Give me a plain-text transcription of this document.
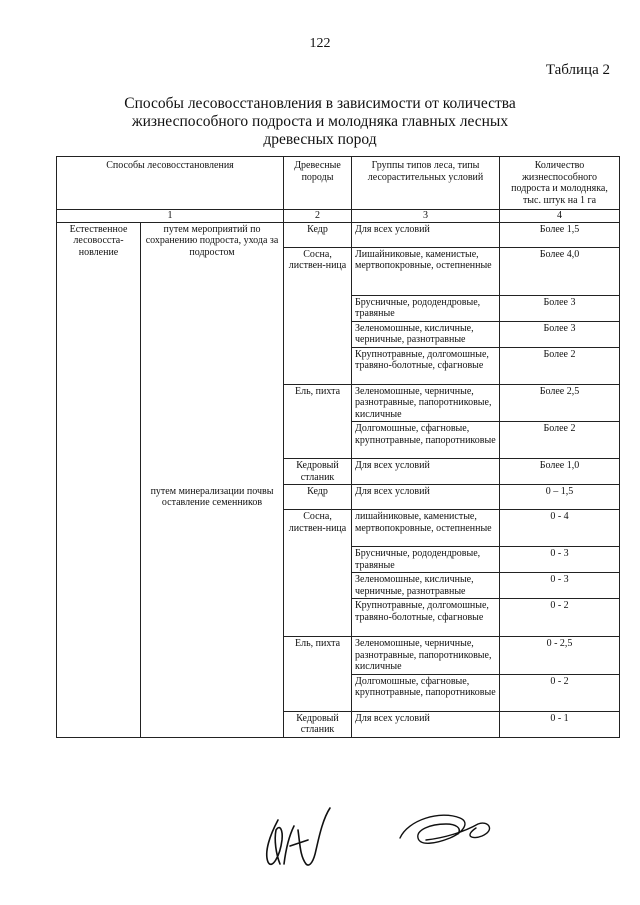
122
Таблица 2
Способы лесовосстановления в зависимости от количества
жизнеспособного подроста и молодняка главных лесных
древесных пород
Способы лесовосстановления		Древесные породы	Группы типов леса, типы лесорастительных условий	Количество жизнеспособного подроста и молодняка, тыс. штук на 1 га
1		2	3	4
Естественное лесовосста-новление	путем мероприятий по сохранению подроста, ухода за подростом	Кедр	Для всех условий	Более 1,5
		Сосна, листвен-ница	Лишайниковые, каменистые, мертвопокровные, остепненные	Более 4,0
			Брусничные, рододендровые, травяные	Более 3
			Зеленомошные, кисличные, черничные, разнотравные	Более 3
			Крупнотравные, долгомошные, травяно-болотные, сфагновые	Более 2
		Ель, пихта	Зеленомошные, черничные, разнотравные, папоротниковые, кисличные	Более 2,5
			Долгомошные, сфагновые, крупнотравные, папоротниковые	Более 2
		Кедровый стланик	Для всех условий	Более 1,0
	путем минерализации почвы оставление семенников	Кедр	Для всех условий	0 – 1,5
		Сосна, листвен-ница	лишайниковые, каменистые, мертвопокровные, остепненные	0 - 4
			Брусничные, рододендровые, травяные	0 - 3
			Зеленомошные, кисличные, черничные, разнотравные	0 - 3
			Крупнотравные, долгомошные, травяно-болотные, сфагновые	0 - 2
		Ель, пихта	Зеленомошные, черничные, разнотравные, папоротниковые, кисличные	0 - 2,5
			Долгомошные, сфагновые, крупнотравные, папоротниковые	0 - 2
		Кедровый стланик	Для всех условий	0 - 1
